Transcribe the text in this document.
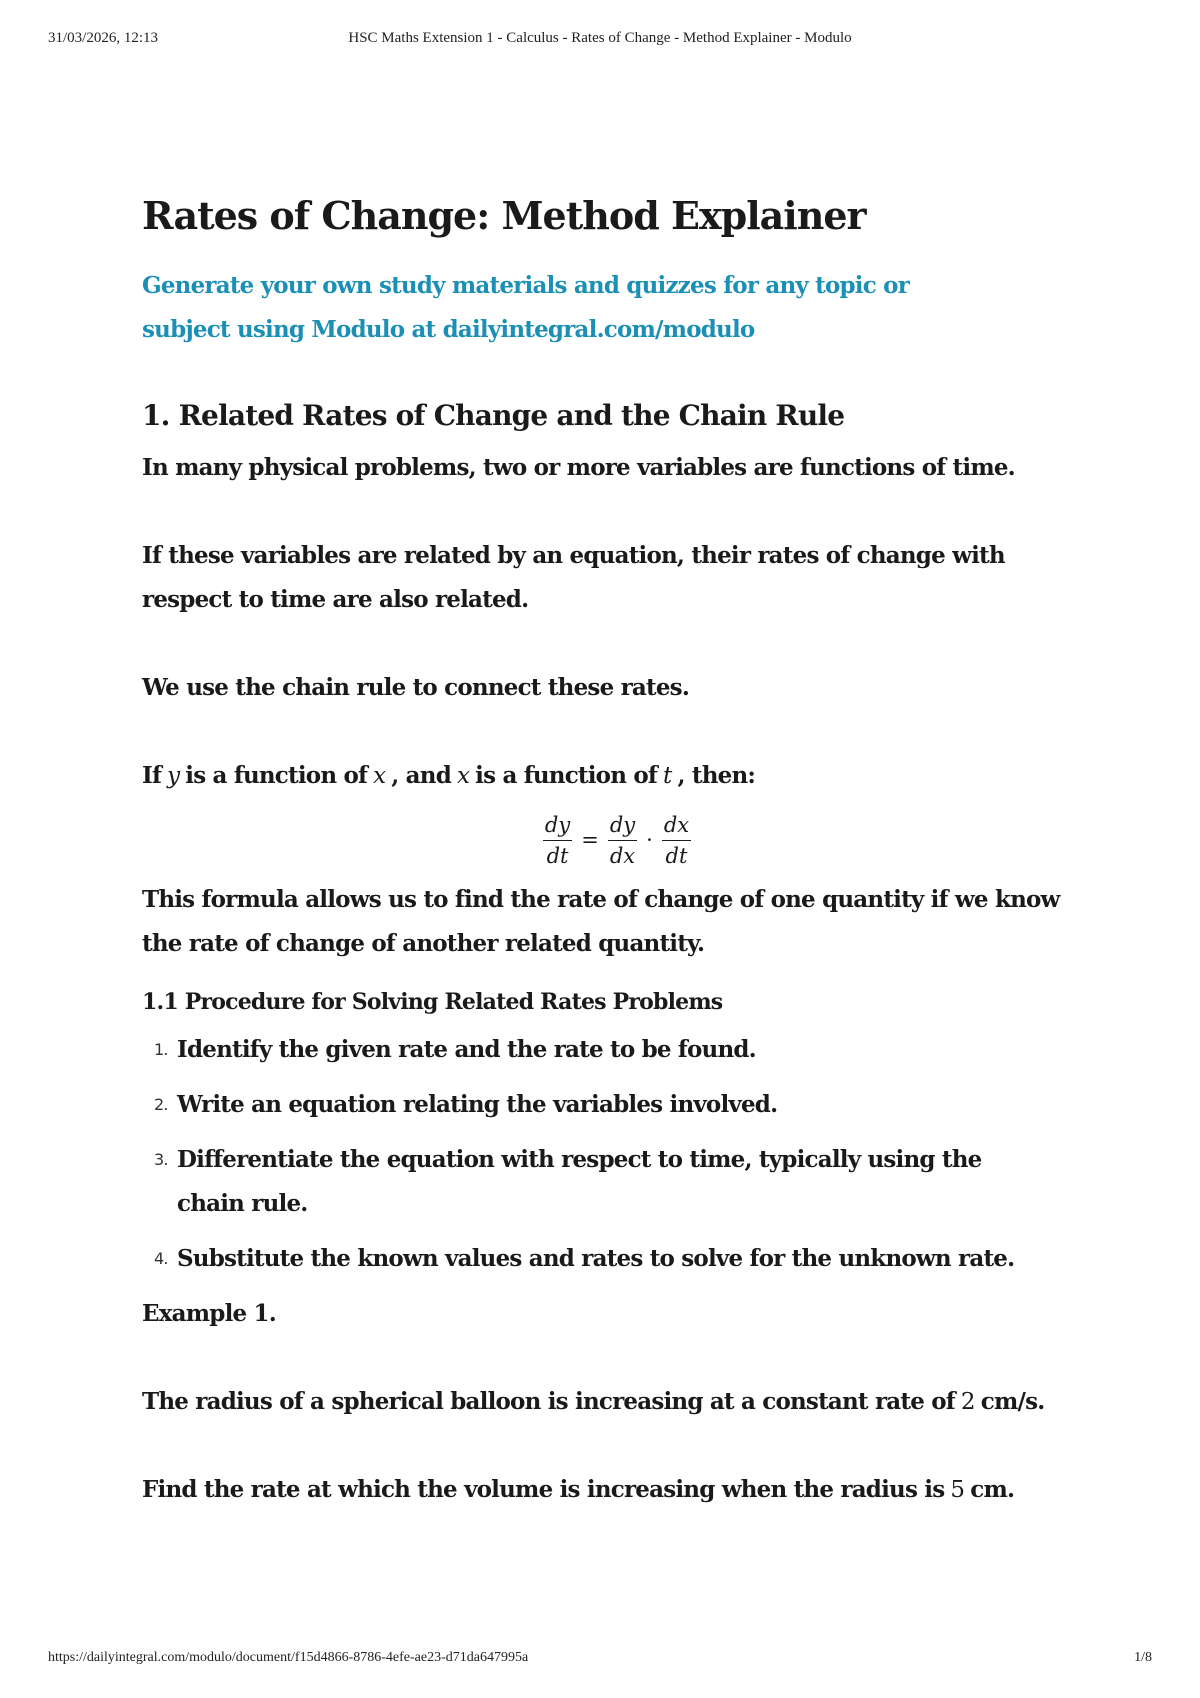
31/03/2026, 12:13	HSC Maths Extension 1 - Calculus - Rates of Change - Method Explainer - Modulo
Rates of Change: Method Explainer

Generate your own study materials and quizzes for any topic or subject using Modulo at dailyintegral.com/modulo

1. Related Rates of Change and the Chain Rule

In many physical problems, two or more variables are functions of time.

If these variables are related by an equation, their rates of change with respect to time are also related.

We use the chain rule to connect these rates.

If y is a function of x , and x is a function of t , then:

$\frac{dy}{dt} = \frac{dy}{dx} \cdot \frac{dx}{dt}$

This formula allows us to find the rate of change of one quantity if we know the rate of change of another related quantity.

1.1 Procedure for Solving Related Rates Problems
1. Identify the given rate and the rate to be found.
2. Write an equation relating the variables involved.
3. Differentiate the equation with respect to time, typically using the chain rule.
4. Substitute the known values and rates to solve for the unknown rate.

Example 1.

The radius of a spherical balloon is increasing at a constant rate of 2 cm/s.

Find the rate at which the volume is increasing when the radius is 5 cm.

https://dailyintegral.com/modulo/document/f15d4866-8786-4efe-ae23-d71da647995a	1/8
